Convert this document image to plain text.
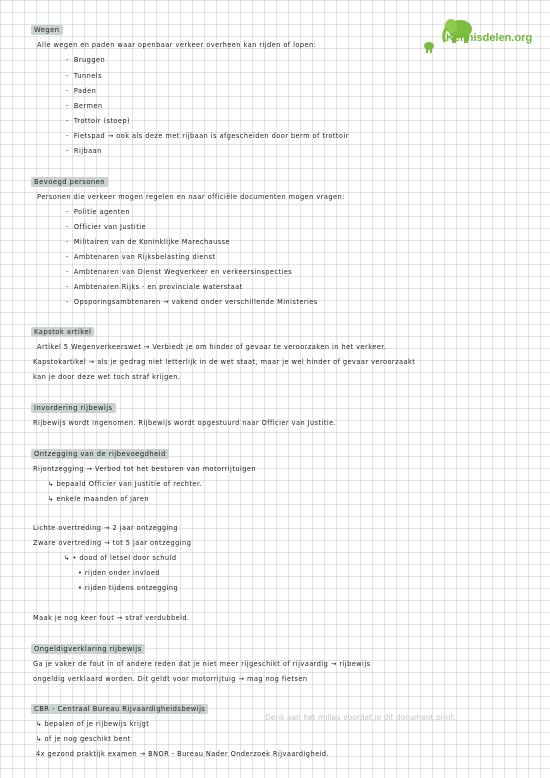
Kennisdelen.org
Wegen
Alle wegen en paden waar openbaar verkeer overheen kan rijden of lopen:
-  Bruggen
-  Tunnels
-  Paden
-  Bermen
-  Trottoir (stoep)
-  Fietspad → ook als deze met rijbaan is afgescheiden door berm of trottoir
-  Rijbaan
Bevoegd personen
Personen die verkeer mogen regelen en naar officiële documenten mogen vragen:
-  Politie agenten
-  Officier van Justitie
-  Militairen van de Koninklijke Marechausse
-  Ambtenaren van Rijksbelasting dienst
-  Ambtenaren van Dienst Wegverkeer en verkeersinspecties
-  Ambtenaren Rijks - en provinciale waterstaat
-  Opsporingsambtenaren → vakend onder verschillende Ministeries
Kapstok artikel
Artikel 5 Wegenverkeerswet → Verbiedt je om hinder of gevaar te veroorzaken in het verkeer.
Kapstokartikel → als je gedrag niet letterlijk in de wet staat, maar je wel hinder of gevaar veroorzaakt
kan je door deze wet toch straf krijgen.
Invordering rijbewijs
Rijbewijs wordt ingenomen. Rijbewijs wordt opgestuurd naar Officier van Justitie.
Ontzegging van de rijbevoegdheid
Rijontzegging → Verbod tot het besturen van motorrijtuigen
↳ bepaald Officier van Justitie of rechter.
↳ enkele maanden of jaren
Lichte overtreding → 2 jaar ontzegging
Zware overtreding → tot 5 jaar ontzegging
↳ • dood of letsel door schuld
• rijden onder invloed
• rijden tijdens ontzegging
Maak je nog keer fout → straf verdubbeld.
Ongeldigverklaring rijbewijs
Ga je vaker de fout in of andere reden dat je niet meer rijgeschikt of rijvaardig → rijbewijs
ongeldig verklaard worden. Dit geldt voor motorrijtuig → mag nog fietsen
CBR - Centraal Bureau Rijvaardigheidsbewijs
↳ bepalen of je rijbewijs krijgt
↳ of je nog geschikt bent
4x gezond praktijk examen → BNOR - Bureau Nader Onderzoek Rijvaardigheid.
Denk aan het milieu voordat je dit document print.
